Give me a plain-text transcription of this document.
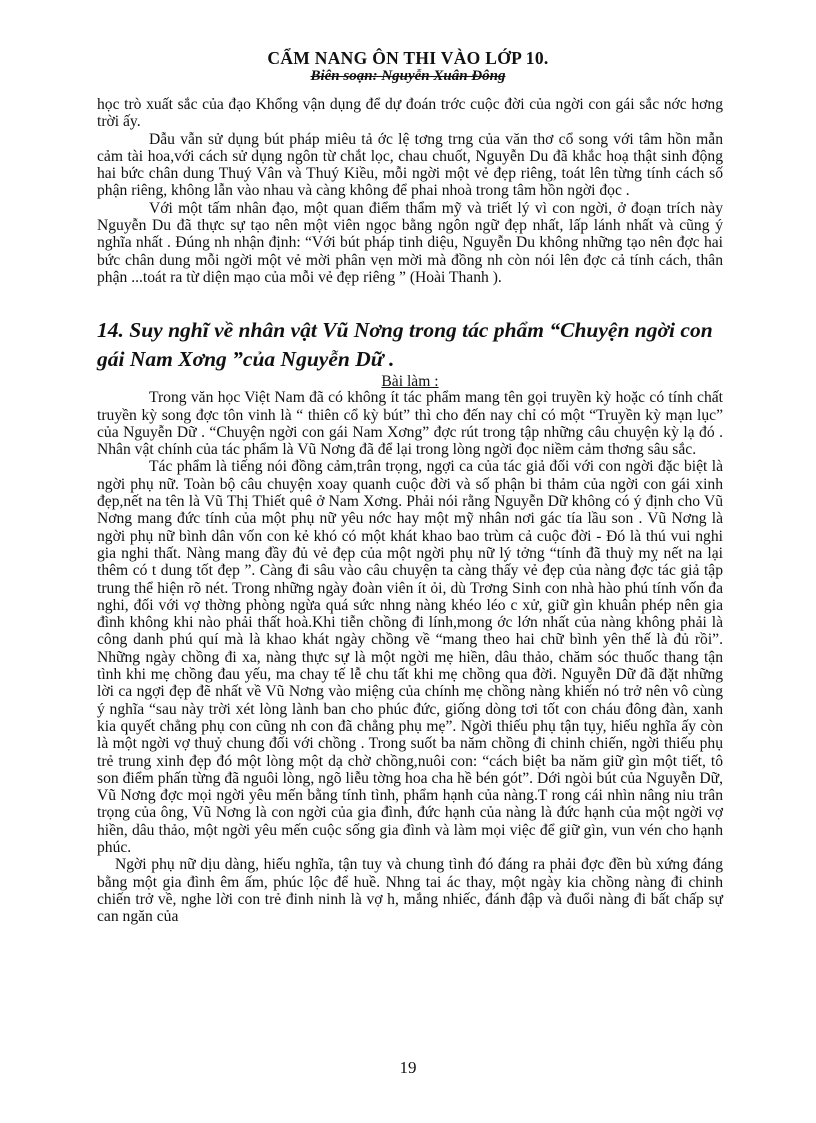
CẨM NANG ÔN THI VÀO LỚP 10.
Biên soạn: Nguyễn Xuân Đông

học trò xuất sắc của đạo Khổng vận dụng để dự đoán trớc cuộc đời của ngời con gái sắc nớc hơng trời ấy.

Dẫu vẫn sử dụng bút pháp miêu tả ớc lệ tơng trng của văn thơ cổ song với tâm hồn mẫn cảm tài hoa,với cách sử dụng ngôn từ chắt lọc, chau chuốt, Nguyễn Du đã khắc hoạ thật sinh động hai bức chân dung Thuý Vân và Thuý Kiều, mỗi ngời một vẻ đẹp riêng, toát lên từng tính cách số phận riêng, không lẫn vào nhau và càng không để phai nhoà trong tâm hồn ngời đọc .

Với một tấm nhân đạo, một quan điểm thẩm mỹ và triết lý vì con ngời, ở đoạn trích này Nguyễn Du đã thực sự tạo nên một viên ngọc bằng ngôn ngữ đẹp nhất, lấp lánh nhất và cũng ý nghĩa nhất . Đúng nh nhận định: “Với bút pháp tinh diệu, Nguyễn Du không những tạo nên đợc hai bức chân dung mỗi ngời một vẻ mời phân vẹn mời mà đồng nh còn nói lên đợc cả tính cách, thân phận ...toát ra từ diện mạo của mỗi vẻ đẹp riêng ” (Hoài Thanh ).

14. Suy nghĩ về nhân vật Vũ Nơng trong tác phẩm “Chuyện ngời con gái Nam Xơng ”của Nguyễn Dữ .
Bài làm :

Trong văn học Việt Nam đã có không ít tác phẩm mang tên gọi truyền kỳ hoặc có tính chất truyền kỳ song đợc tôn vinh là “ thiên cổ kỳ bút” thì cho đến nay chỉ có một “Truyền kỳ mạn lục” của Nguyễn Dữ . “Chuyện ngời con gái Nam Xơng” đợc rút trong tập những câu chuyện kỳ lạ đó . Nhân vật chính của tác phẩm là Vũ Nơng đã để lại trong lòng ngời đọc niềm cảm thơng sâu sắc.

Tác phẩm là tiếng nói đồng cảm,trân trọng, ngợi ca của tác giả đối với con ngời đặc biệt là ngời phụ nữ. Toàn bộ câu chuyện xoay quanh cuộc đời và số phận bi thảm của ngời con gái xinh đẹp,nết na tên là Vũ Thị Thiết quê ở Nam Xơng. Phải nói rằng Nguyễn Dữ không có ý định cho Vũ Nơng mang đức tính của một phụ nữ yêu nớc hay một mỹ nhân nơi gác tía lầu son . Vũ Nơng là ngời phụ nữ bình dân vốn con kẻ khó có một khát khao bao trùm cả cuộc đời - Đó là thú vui nghi gia nghi thất. Nàng mang đầy đủ vẻ đẹp của một ngời phụ nữ lý tởng “tính đã thuỳ mỵ nết na lại thêm có t dung tốt đẹp ”. Càng đi sâu vào câu chuyện ta càng thấy vẻ đẹp của nàng đợc tác giả tập trung thể hiện rõ nét. Trong những ngày đoàn viên ít ỏi, dù Trơng Sinh con nhà hào phú tính vốn đa nghi, đối với vợ thờng phòng ngừa quá sức nhng nàng khéo léo c xử, giữ gìn khuân phép nên gia đình không khi nào phải thất hoà.Khi tiễn chồng đi lính,mong ớc lớn nhất của nàng không phải là công danh phú quí mà là khao khát ngày chồng về “mang theo hai chữ bình yên thế là đủ rồi”. Những ngày chồng đi xa, nàng thực sự là một ngời mẹ hiền, dâu thảo, chăm sóc thuốc thang tận tình khi mẹ chồng đau yếu, ma chay tế lễ chu tất khi mẹ chồng qua đời. Nguyễn Dữ đã đặt những lời ca ngợi đẹp đẽ nhất về Vũ Nơng vào miệng của chính mẹ chồng nàng khiến nó trở nên vô cùng ý nghĩa “sau này trời xét lòng lành ban cho phúc đức, giống dòng tơi tốt con cháu đông đàn, xanh kia quyết chẳng phụ con cũng nh con đã chẳng phụ mẹ”. Ngời thiếu phụ tận tụy, hiếu nghĩa ấy còn là một ngời vợ thuỷ chung đối với chồng . Trong suốt ba năm chồng đi chinh chiến, ngời thiếu phụ trẻ trung xinh đẹp đó một lòng một dạ chờ chồng,nuôi con: “cách biệt ba năm giữ gìn một tiết, tô son điểm phấn từng đã nguôi lòng, ngõ liễu tờng hoa cha hề bén gót”. Dới ngòi bút của Nguyễn Dữ, Vũ Nơng đợc mọi ngời yêu mến bằng tính tình, phẩm hạnh của nàng.T rong cái nhìn nâng niu trân trọng của ông, Vũ Nơng là con ngời của gia đình, đức hạnh của nàng là đức hạnh của một ngời vợ hiền, dâu thảo, một ngời yêu mến cuộc sống gia đình và làm mọi việc để giữ gìn, vun vén cho hạnh phúc.

Ngời phụ nữ dịu dàng, hiếu nghĩa, tận tuy và chung tình đó đáng ra phải đợc đền bù xứng đáng bằng một gia đình êm ấm, phúc lộc để huề. Nhng tai ác thay, một ngày kia chồng nàng đi chinh chiến trở về, nghe lời con trẻ đinh ninh là vợ h, mắng nhiếc, đánh đập và đuổi nàng đi bất chấp sự can ngăn của

19
